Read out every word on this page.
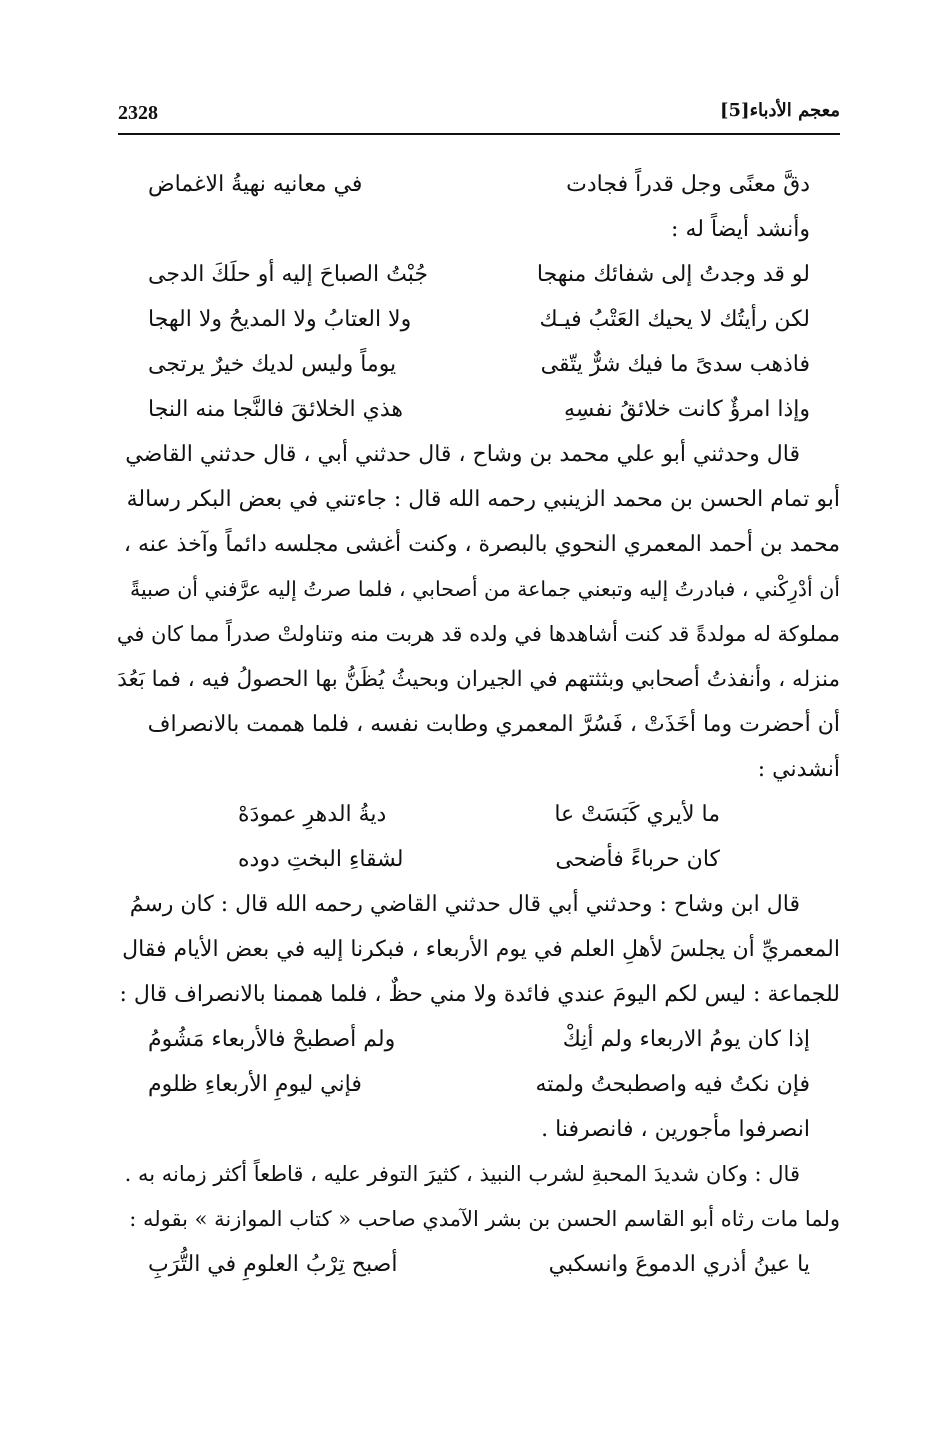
2328	معجم الأدباء[5]
دقَّ معنًى وجل قدراً فجادت
في معانيه نهيةُ الاغماض
وأنشد أيضاً له :
لو قد وجدتُ إلى شفائك منهجا
جُبْتُ الصباحَ إليه أو حلَكَ الدجى
لكن رأيتُك لا يحيك العَتْبُ فيـك
ولا العتابُ ولا المديحُ ولا الهجا
فاذهب سدىً ما فيك شرٌّ يتّقى
يوماً وليس لديك خيرٌ يرتجى
وإذا امرؤٌ كانت خلائقُ نفسِهِ
هذي الخلائقَ فالنَّجا منه النجا
قال وحدثني أبو علي محمد بن وشاح ، قال حدثني أبي ، قال حدثني القاضي
أبو تمام الحسن بن محمد الزينبي رحمه الله قال : جاءتني في بعض البكر رسالة
محمد بن أحمد المعمري النحوي بالبصرة ، وكنت أغشى مجلسه دائماً وآخذ عنه ،
أن أدْرِكْني ، فبادرتُ إليه وتبعني جماعة من أصحابي ، فلما صرتُ إليه عرَّفني أن صبيةً
مملوكة له مولدةً قد كنت أشاهدها في ولده قد هربت منه وتناولتْ صدراً مما كان في
منزله ، وأنفذتُ أصحابي وبثثتهم في الجيران وبحيثُ يُظَنُّ بها الحصولُ فيه ، فما بَعُدَ
أن أحضرت وما أخَذَتْ ، فَسُرَّ المعمري وطابت نفسه ، فلما هممت بالانصراف
أنشدني :
ما لأيري كَبَسَتْ عا
ديةُ الدهرِ عمودَهْ
كان حرباءً فأضحى
لشقاءِ البختِ دوده
قال ابن وشاح : وحدثني أبي قال حدثني القاضي رحمه الله قال : كان رسمُ
المعمريِّ أن يجلسَ لأهلِ العلم في يوم الأربعاء ، فبكرنا إليه في بعض الأيام فقال
للجماعة : ليس لكم اليومَ عندي فائدة ولا مني حظٌ ، فلما هممنا بالانصراف قال :
إذا كان يومُ الاربعاء ولم أنِكْ
ولم أصطبحْ فالأربعاء مَشُومُ
فإن نكتُ فيه واصطبحتُ ولمته
فإني ليومِ الأربعاءِ ظلوم
انصرفوا مأجورين ، فانصرفنا .
قال : وكان شديدَ المحبةِ لشرب النبيذ ، كثيرَ التوفر عليه ، قاطعاً أكثر زمانه به .
ولما مات رثاه أبو القاسم الحسن بن بشر الآمدي صاحب « كتاب الموازنة » بقوله :
يا عينُ أذري الدموعَ وانسكبي
أصبح تِرْبُ العلومِ في التُّرَبِ
